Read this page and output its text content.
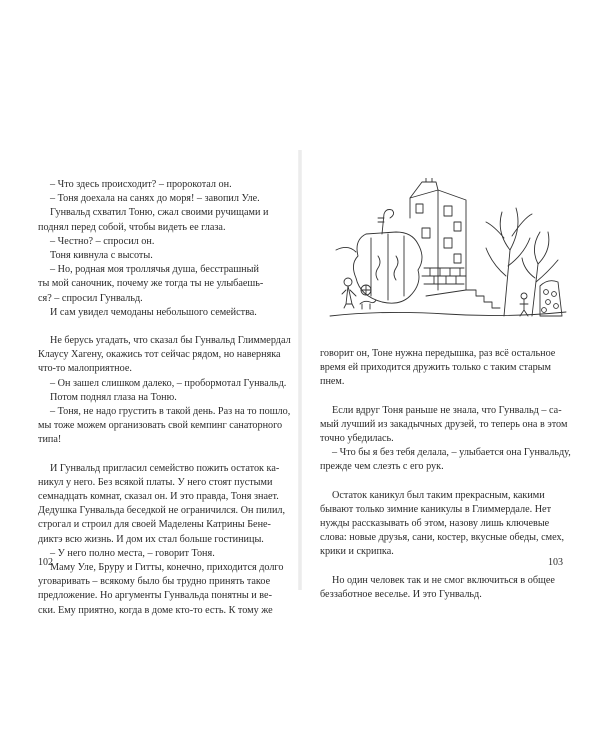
– Что здесь происходит? – пророкотал он.
– Тоня доехала на санях до моря! – завопил Уле.
Гунвальд схватил Тоню, сжал своими ручищами и
поднял перед собой, чтобы видеть ее глаза.
– Честно? – спросил он.
Тоня кивнула с высоты.
– Но, родная моя троллячья душа, бесстрашный
ты мой саночник, почему же тогда ты не улыбаешь-
ся? – спросил Гунвальд.
И сам увидел чемоданы небольшого семейства.

Не берусь угадать, что сказал бы Гунвальд Глиммердал
Клаусу Хагену, окажись тот сейчас рядом, но наверняка
что-то малоприятное.
– Он зашел слишком далеко, – пробормотал Гунвальд.
Потом поднял глаза на Тоню.
– Тоня, не надо грустить в такой день. Раз на то пошло,
мы тоже можем организовать свой кемпинг санаторного
типа!

И Гунвальд пригласил семейство пожить остаток ка-
никул у него. Без всякой платы. У него стоят пустыми
семнадцать комнат, сказал он. И это правда, Тоня знает.
Дедушка Гунвальда беседкой не ограничился. Он пилил,
строгал и строил для своей Маделены Катрины Бене-
диктэ всю жизнь. И дом их стал больше гостиницы.
– У него полно места, – говорит Тоня.
Маму Уле, Бруру и Гитты, конечно, приходится долго
уговаривать – всякому было бы трудно принять такое
предложение. Но аргументы Гунвальда понятны и ве-
ски. Ему приятно, когда в доме кто-то есть. К тому же

102

говорит он, Тоне нужна передышка, раз всё остальное
время ей приходится дружить только с таким старым
пнем.

Если вдруг Тоня раньше не знала, что Гунвальд – са-
мый лучший из закадычных друзей, то теперь она в этом
точно убедилась.
– Что бы я без тебя делала, – улыбается она Гунвальду,
прежде чем слезть с его рук.

Остаток каникул был таким прекрасным, какими
бывают только зимние каникулы в Глиммердале. Нет
нужды рассказывать об этом, назову лишь ключевые
слова: новые друзья, сани, костер, вкусные обеды, смех,
крики и скрипка.

Но один человек так и не смог включиться в общее
беззаботное веселье. И это Гунвальд.

103
